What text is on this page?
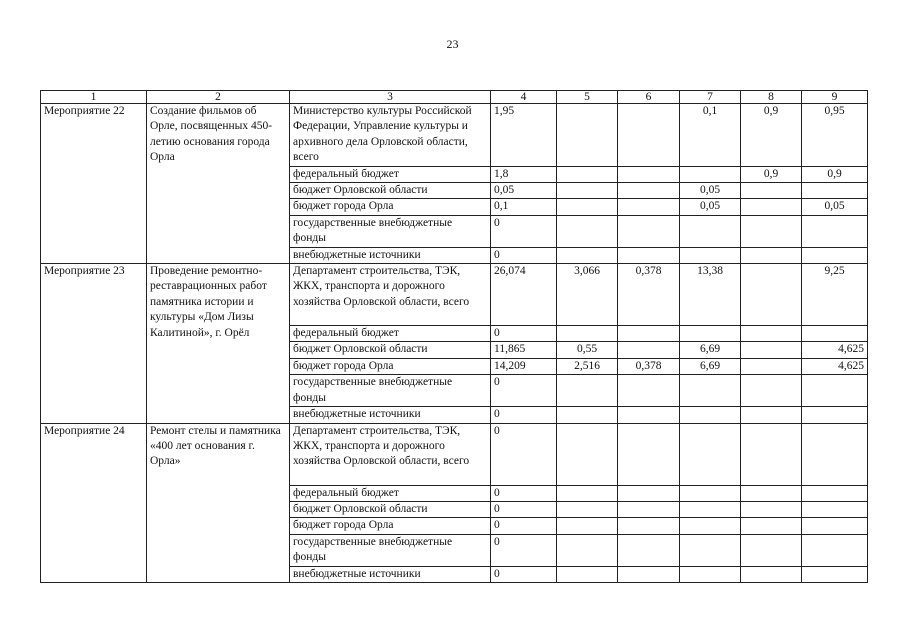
23
1	2	3	4	5	6	7	8	9
Мероприятие 22	Создание фильмов об Орле, посвященных 450-летию основания города Орла	Министерство культуры Российской Федерации, Управление культуры и архивного дела Орловской области, всего	1,95			0,1	0,9	0,95
		федеральный бюджет	1,8				0,9	0,9
		бюджет Орловской области	0,05			0,05		
		бюджет города Орла	0,1			0,05		0,05
		государственные внебюджетные фонды	0					
		внебюджетные источники	0					
Мероприятие 23	Проведение ремонтно-реставрационных работ памятника истории и культуры «Дом Лизы Калитиной», г. Орёл	Департамент строительства, ТЭК, ЖКХ, транспорта и дорожного хозяйства Орловской области, всего	26,074	3,066	0,378	13,38		9,25
		федеральный бюджет	0					
		бюджет Орловской области	11,865	0,55		6,69		4,625
		бюджет города Орла	14,209	2,516	0,378	6,69		4,625
		государственные внебюджетные фонды	0					
		внебюджетные источники	0					
Мероприятие 24	Ремонт стелы и памятника «400 лет основания г. Орла»	Департамент строительства, ТЭК, ЖКХ, транспорта и дорожного хозяйства Орловской области, всего	0					
		федеральный бюджет	0					
		бюджет Орловской области	0					
		бюджет города Орла	0					
		государственные внебюджетные фонды	0					
		внебюджетные источники	0					
